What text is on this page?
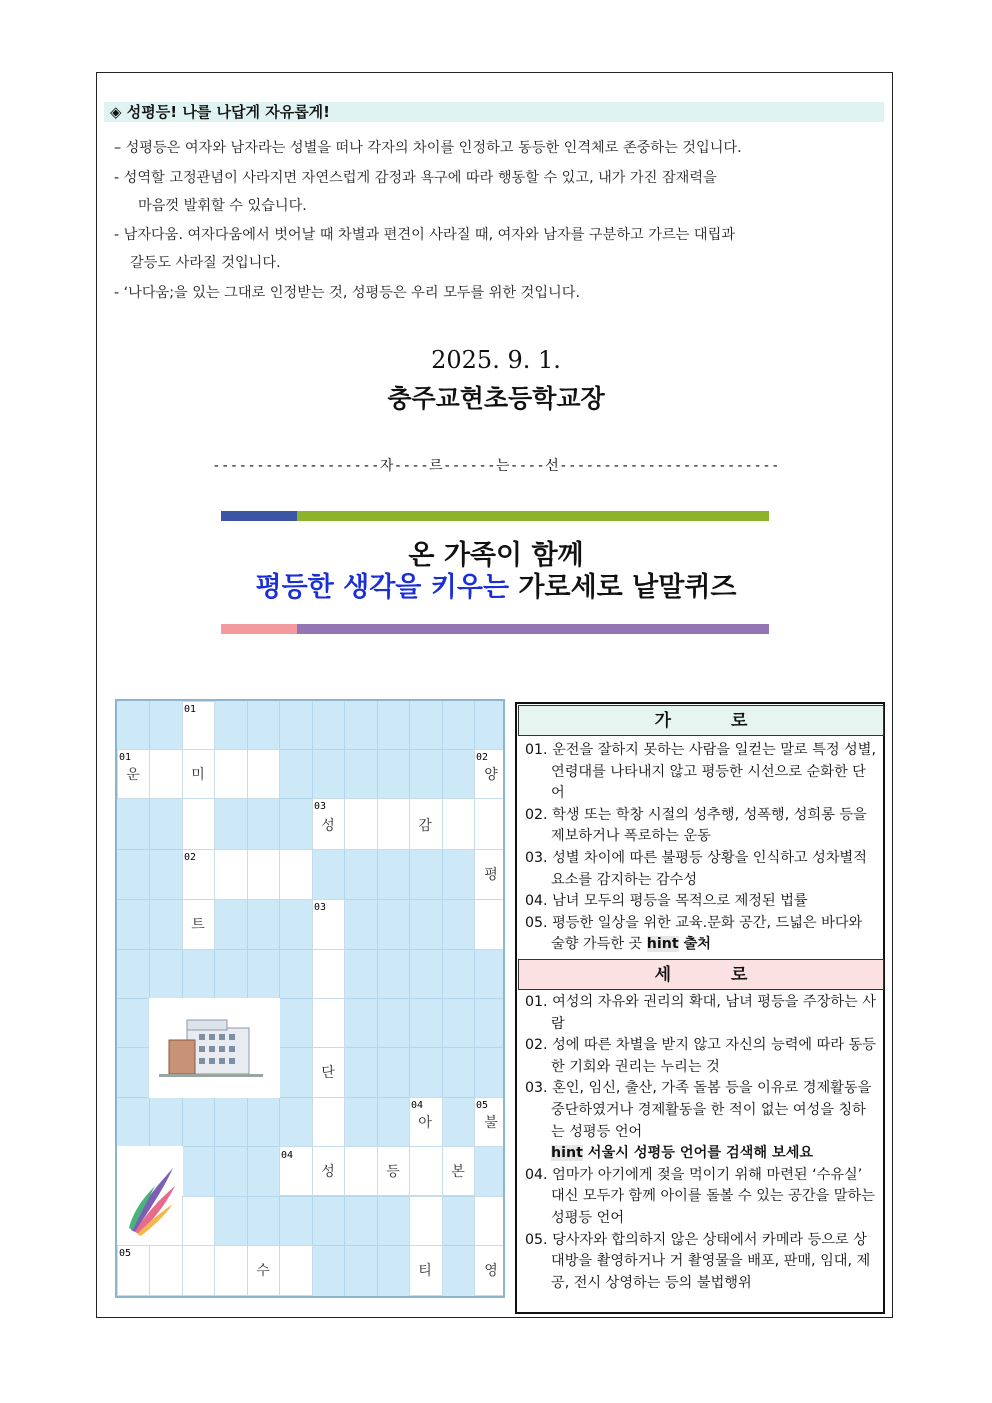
◈ 성평등! 나를 나답게 자유롭게!
– 성평등은 여자와 남자라는 성별을 떠나 각자의 차이를 인정하고 동등한 인격체로 존중하는 것입니다.
- 성역할 고정관념이 사라지면 자연스럽게 감정과 욕구에 따라 행동할 수 있고, 내가 가진 잠재력을
마음껏 발휘할 수 있습니다.
- 남자다움. 여자다움에서 벗어날 때 차별과 편견이 사라질 때, 여자와 남자를 구분하고 가르는 대립과
갈등도 사라질 것입니다.
- ‘나다움;을 있는 그대로 인정받는 것, 성평등은 우리 모두를 위한 것입니다.
2025. 9. 1.
충주교현초등학교장
-------------------자----르------는----선-------------------------
온 가족이 함께
평등한 생각을 키우는 가로세로 낱말퀴즈
01
01	02
03
02
03
04	05
04
05
운	미	양
성	감
평
트
단
아	불
성	등	본
수	티	영
가로

01. 운전을 잘하지 못하는 사람을 일컫는 말로 특정 성별, 연령대를 나타내지 않고 평등한 시선으로 순화한 단어

02. 학생 또는 학창 시절의 성추행, 성폭행, 성희롱 등을 제보하거나 폭로하는 운동

03. 성별 차이에 따른 불평등 상황을 인식하고 성차별적 요소를 감지하는 감수성

04. 남녀 모두의 평등을 목적으로 제정된 법률

05. 평등한 일상을 위한 교육.문화 공간, 드넓은 바다와 술향 가득한 곳 hint 출처

세로

01. 여성의 자유와 권리의 확대, 남녀 평등을 주장하는 사람

02. 성에 따른 차별을 받지 않고 자신의 능력에 따라 동등한 기회와 권리는 누리는 것

03. 혼인, 임신, 출산, 가족 돌봄 등을 이유로 경제활동을 중단하였거나 경제활동을 한 적이 없는 여성을 칭하는 성평등 언어

hint 서울시 성평등 언어를 검색해 보세요

04. 엄마가 아기에게 젖을 먹이기 위해 마련된 ‘수유실’ 대신 모두가 함께 아이를 돌볼 수 있는 공간을 말하는 성평등 언어

05. 당사자와 합의하지 않은 상태에서 카메라 등으로 상대방을 촬영하거나 거 촬영물을 배포, 판매, 임대, 제공, 전시 상영하는 등의 불법행위
